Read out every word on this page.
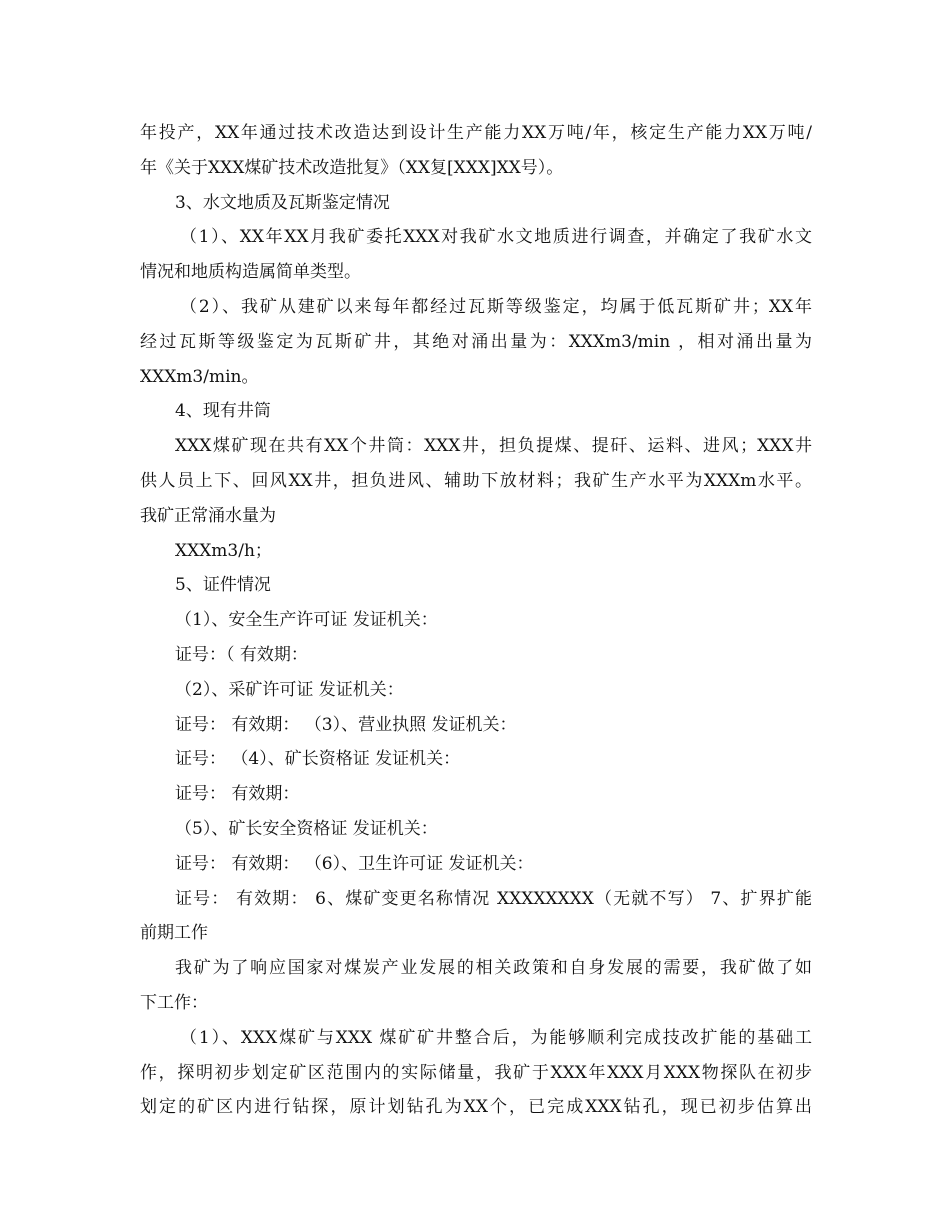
年投产，XX年通过技术改造达到设计生产能力XX万吨/年，核定生产能力XX万吨/
年《关于XXX煤矿技术改造批复》（XX复[XXX]XX号）。
3、水文地质及瓦斯鉴定情况
（1）、XX年XX月我矿委托XXX对我矿水文地质进行调查，并确定了我矿水文
情况和地质构造属简单类型。
（2）、我矿从建矿以来每年都经过瓦斯等级鉴定，均属于低瓦斯矿井；XX年
经过瓦斯等级鉴定为瓦斯矿井，其绝对涌出量为：XXXm3/min ，相对涌出量为
XXXm3/min。
4、现有井筒
XXX煤矿现在共有XX个井筒：XXX井，担负提煤、提矸、运料、进风；XXX井
供人员上下、回风XX井，担负进风、辅助下放材料；我矿生产水平为XXXm水平。
我矿正常涌水量为
XXXm3/h；
5、证件情况
（1）、安全生产许可证 发证机关：
证号：（ 有效期：
（2）、采矿许可证 发证机关：
证号： 有效期： （3）、营业执照 发证机关：
证号： （4）、矿长资格证 发证机关：
证号： 有效期：
（5）、矿长安全资格证 发证机关：
证号： 有效期： （6）、卫生许可证 发证机关：
证号： 有效期： 6、煤矿变更名称情况 XXXXXXXX（无就不写） 7、扩界扩能
前期工作
我矿为了响应国家对煤炭产业发展的相关政策和自身发展的需要，我矿做了如
下工作：
（1）、XXX煤矿与XXX 煤矿矿井整合后，为能够顺利完成技改扩能的基础工
作，探明初步划定矿区范围内的实际储量，我矿于XXX年XXX月XXX物探队在初步
划定的矿区内进行钻探，原计划钻孔为XX个，已完成XXX钻孔，现已初步估算出
